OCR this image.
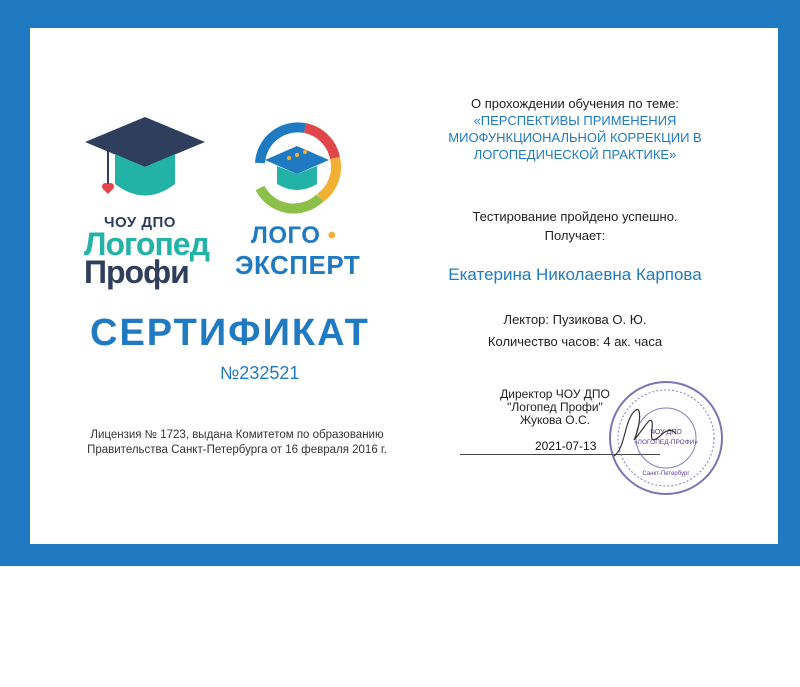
ЧОУ ДПО
Логопед
Профи
ЛОГО •
ЭКСПЕРТ
СЕРТИФИКАТ
№232521
Лицензия № 1723, выдана Комитетом по образованию
Правительства Санкт-Петербурга от 16 февраля 2016 г.
О прохождении обучения по теме:
«ПЕРСПЕКТИВЫ ПРИМЕНЕНИЯ
МИОФУНКЦИОНАЛЬНОЙ КОРРЕКЦИИ В
ЛОГОПЕДИЧЕСКОЙ ПРАКТИКЕ»
Тестирование пройдено успешно.
Получает:
Екатерина Николаевна Карпова
Лектор: Пузикова О. Ю.
Количество часов: 4 ак. часа
Директор ЧОУ ДПО
"Логопед Профи"
Жукова О.С.
2021-07-13
ЧОУ ДПО
«ЛОГОПЕД-ПРОФИ»
Санкт-Петербург
